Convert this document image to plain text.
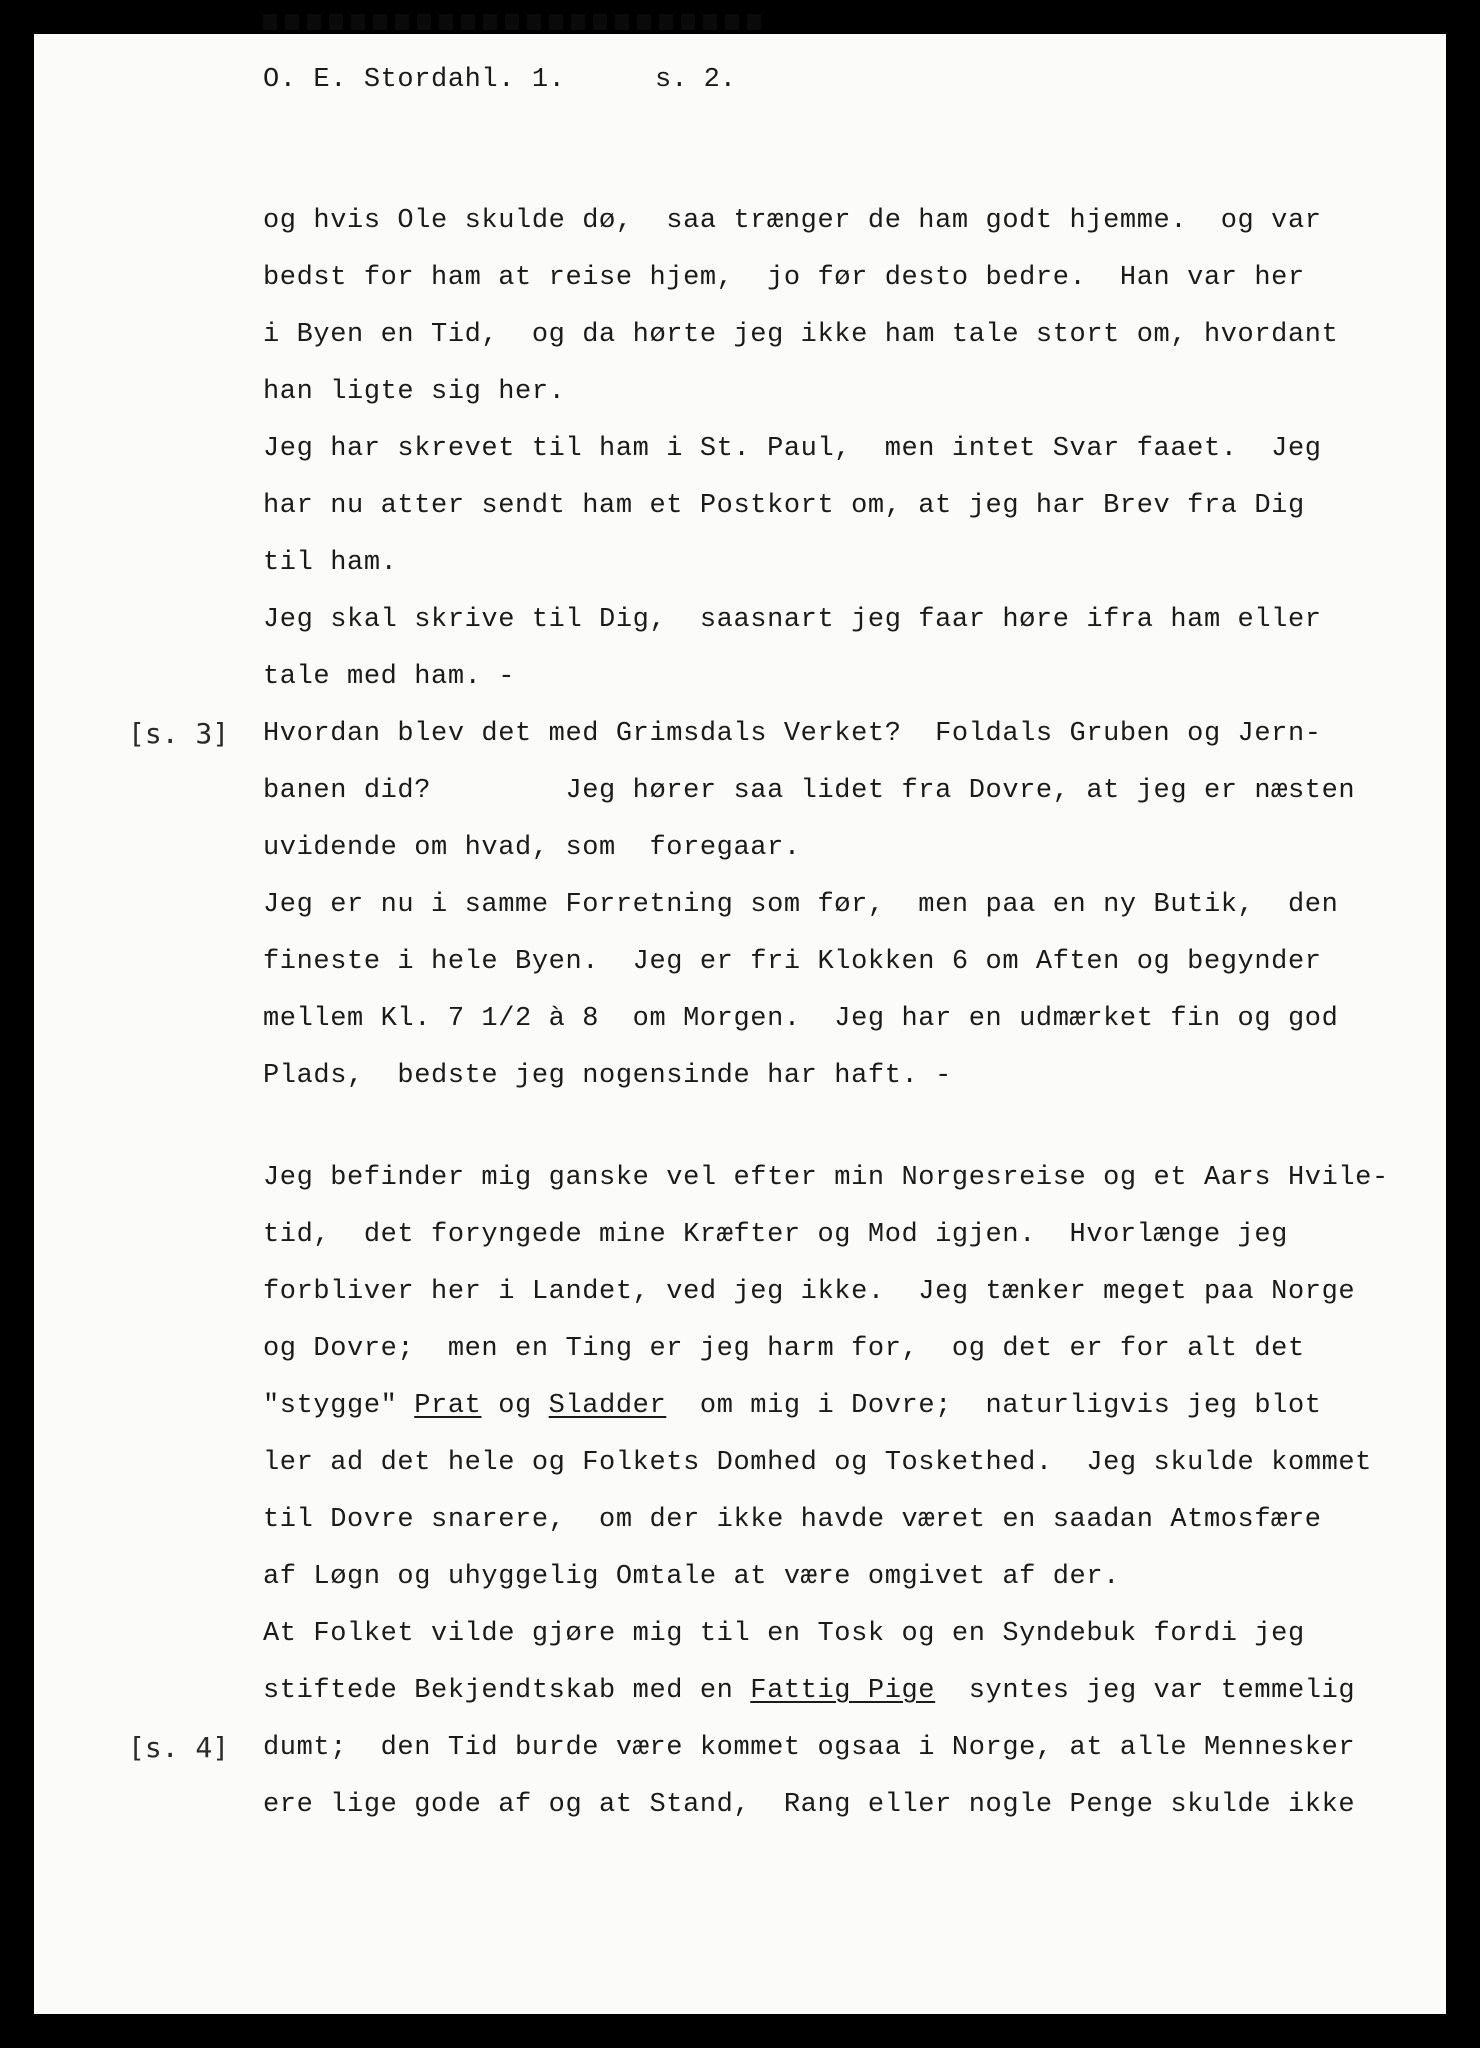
O. E. Stordahl. 1.	s. 2.
og hvis Ole skulde dø,  saa trænger de ham godt hjemme.  og var
bedst for ham at reise hjem,  jo før desto bedre.  Han var her
i Byen en Tid,  og da hørte jeg ikke ham tale stort om, hvordant
han ligte sig her.
Jeg har skrevet til ham i St. Paul,  men intet Svar faaet.  Jeg
har nu atter sendt ham et Postkort om, at jeg har Brev fra Dig
til ham.
Jeg skal skrive til Dig,  saasnart jeg faar høre ifra ham eller
tale med ham. -
[s. 3] Hvordan blev det med Grimsdals Verket?  Foldals Gruben og Jern-
banen did?        Jeg hører saa lidet fra Dovre, at jeg er næsten
uvidende om hvad, som  foregaar.
Jeg er nu i samme Forretning som før,  men paa en ny Butik,  den
fineste i hele Byen.  Jeg er fri Klokken 6 om Aften og begynder
mellem Kl. 7 1/2 à 8  om Morgen.  Jeg har en udmærket fin og god
Plads,  bedste jeg nogensinde har haft. -
Jeg befinder mig ganske vel efter min Norgesreise og et Aars Hvile-
tid,  det foryngede mine Kræfter og Mod igjen.  Hvorlænge jeg
forbliver her i Landet, ved jeg ikke.  Jeg tænker meget paa Norge
og Dovre;  men en Ting er jeg harm for,  og det er for alt det
"stygge" Prat og Sladder  om mig i Dovre;  naturligvis jeg blot
ler ad det hele og Folkets Domhed og Toskethed.  Jeg skulde kommet
til Dovre snarere,  om der ikke havde været en saadan Atmosfære
af Løgn og uhyggelig Omtale at være omgivet af der.
At Folket vilde gjøre mig til en Tosk og en Syndebuk fordi jeg
stiftede Bekjendtskab med en Fattig Pige  syntes jeg var temmelig
[s. 4] dumt;  den Tid burde være kommet ogsaa i Norge, at alle Mennesker
ere lige gode af og at Stand,  Rang eller nogle Penge skulde ikke
